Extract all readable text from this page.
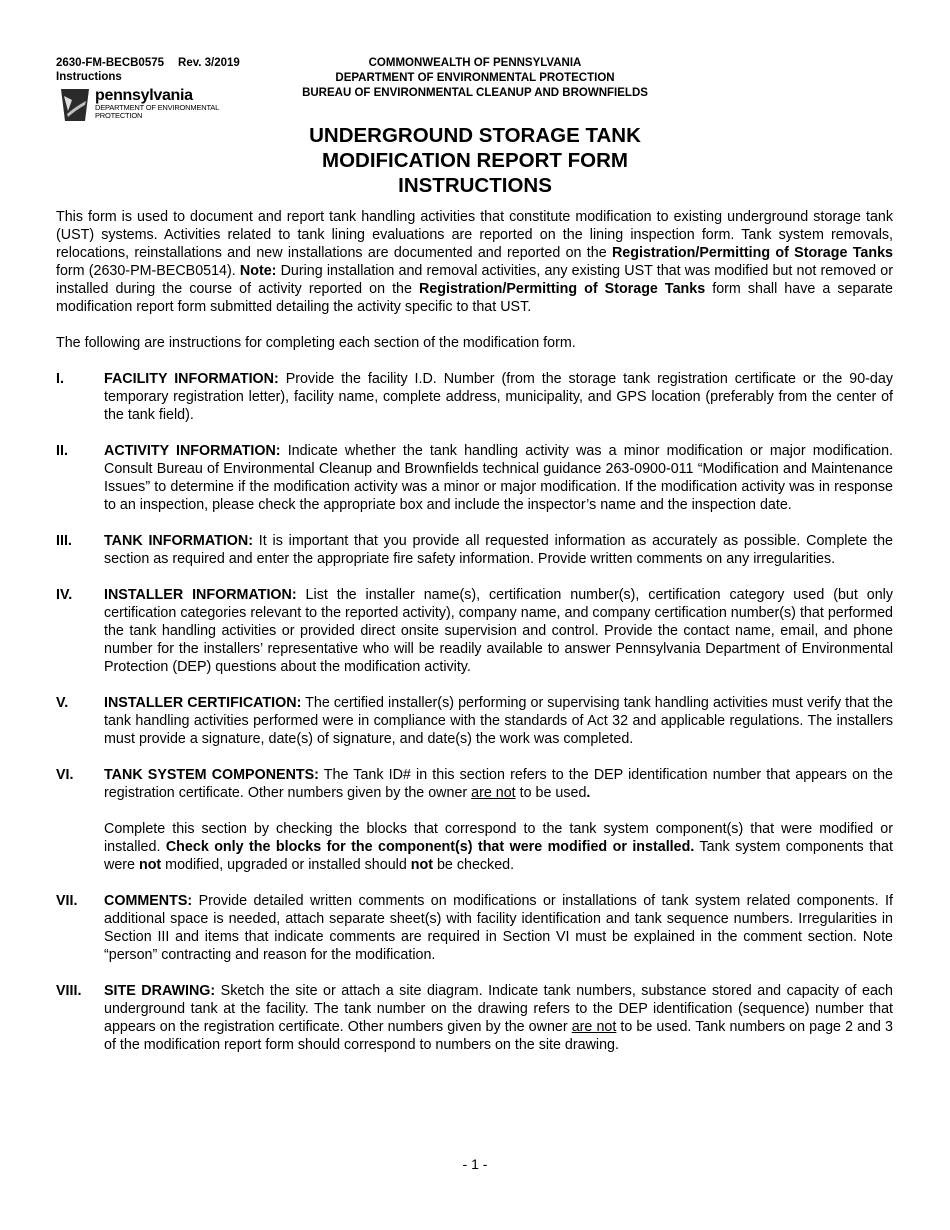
2630-FM-BECB0575 Rev. 3/2019
Instructions
pennsylvania
DEPARTMENT OF ENVIRONMENTAL
PROTECTION
COMMONWEALTH OF PENNSYLVANIA
DEPARTMENT OF ENVIRONMENTAL PROTECTION
BUREAU OF ENVIRONMENTAL CLEANUP AND BROWNFIELDS
UNDERGROUND STORAGE TANK
MODIFICATION REPORT FORM
INSTRUCTIONS

This form is used to document and report tank handling activities that constitute modification to existing underground storage tank (UST) systems. Activities related to tank lining evaluations are reported on the lining inspection form. Tank system removals, relocations, reinstallations and new installations are documented and reported on the Registration/Permitting of Storage Tanks form (2630-PM-BECB0514). Note: During installation and removal activities, any existing UST that was modified but not removed or installed during the course of activity reported on the Registration/Permitting of Storage Tanks form shall have a separate modification report form submitted detailing the activity specific to that UST.

The following are instructions for completing each section of the modification form.

I.	FACILITY INFORMATION: Provide the facility I.D. Number (from the storage tank registration certificate or the 90-day temporary registration letter), facility name, complete address, municipality, and GPS location (preferably from the center of the tank field).

II.	ACTIVITY INFORMATION: Indicate whether the tank handling activity was a minor modification or major modification. Consult Bureau of Environmental Cleanup and Brownfields technical guidance 263-0900-011 “Modification and Maintenance Issues” to determine if the modification activity was a minor or major modification. If the modification activity was in response to an inspection, please check the appropriate box and include the inspector’s name and the inspection date.

III.	TANK INFORMATION: It is important that you provide all requested information as accurately as possible. Complete the section as required and enter the appropriate fire safety information. Provide written comments on any irregularities.

IV.	INSTALLER INFORMATION: List the installer name(s), certification number(s), certification category used (but only certification categories relevant to the reported activity), company name, and company certification number(s) that performed the tank handling activities or provided direct onsite supervision and control. Provide the contact name, email, and phone number for the installers’ representative who will be readily available to answer Pennsylvania Department of Environmental Protection (DEP) questions about the modification activity.

V.	INSTALLER CERTIFICATION: The certified installer(s) performing or supervising tank handling activities must verify that the tank handling activities performed were in compliance with the standards of Act 32 and applicable regulations. The installers must provide a signature, date(s) of signature, and date(s) the work was completed.

VI.	TANK SYSTEM COMPONENTS: The Tank ID# in this section refers to the DEP identification number that appears on the registration certificate. Other numbers given by the owner are not to be used.

Complete this section by checking the blocks that correspond to the tank system component(s) that were modified or installed. Check only the blocks for the component(s) that were modified or installed. Tank system components that were not modified, upgraded or installed should not be checked.

VII.	COMMENTS: Provide detailed written comments on modifications or installations of tank system related components. If additional space is needed, attach separate sheet(s) with facility identification and tank sequence numbers. Irregularities in Section III and items that indicate comments are required in Section VI must be explained in the comment section. Note “person” contracting and reason for the modification.

VIII.	SITE DRAWING: Sketch the site or attach a site diagram. Indicate tank numbers, substance stored and capacity of each underground tank at the facility. The tank number on the drawing refers to the DEP identification (sequence) number that appears on the registration certificate. Other numbers given by the owner are not to be used. Tank numbers on page 2 and 3 of the modification report form should correspond to numbers on the site drawing.

- 1 -
